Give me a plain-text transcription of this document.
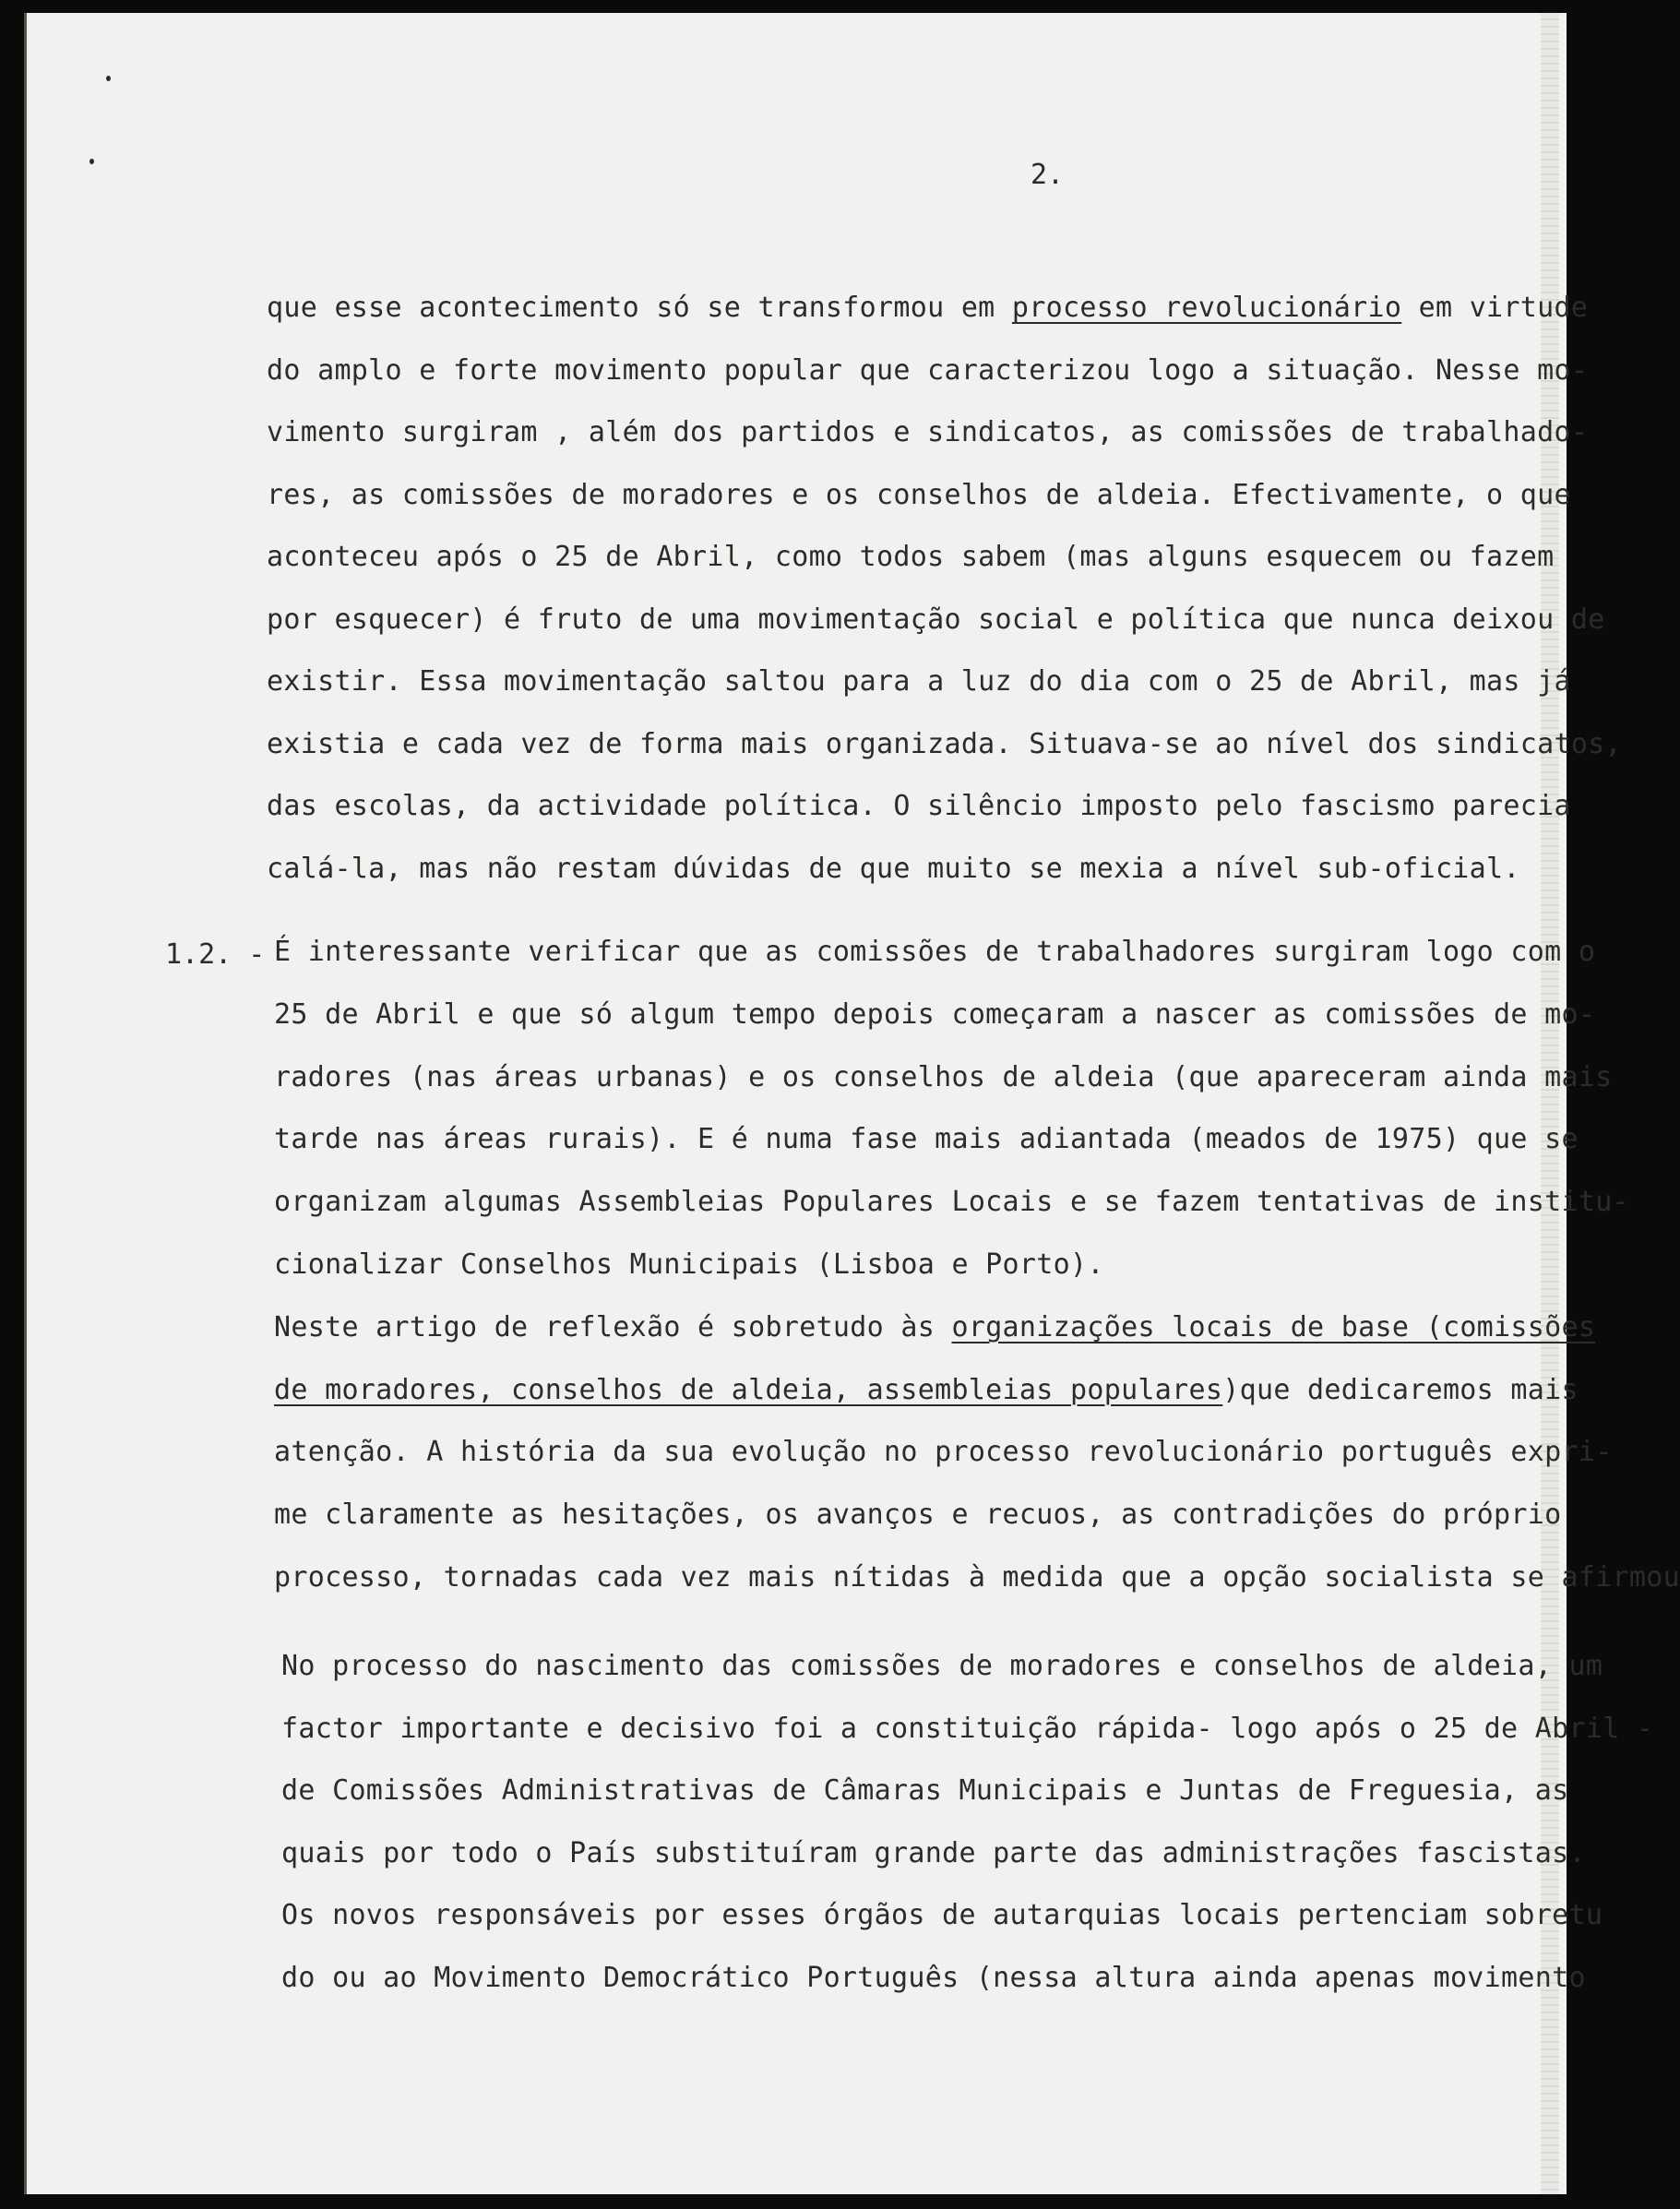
2.
que esse acontecimento só se transformou em processo revolucionário em virtude
do amplo e forte movimento popular que caracterizou logo a situação. Nesse mo-
vimento surgiram , além dos partidos e sindicatos, as comissões de trabalhado-
res, as comissões de moradores e os conselhos de aldeia. Efectivamente, o que
aconteceu após o 25 de Abril, como todos sabem (mas alguns esquecem ou fazem
por esquecer) é fruto de uma movimentação social e política que nunca deixou de
existir. Essa movimentação saltou para a luz do dia com o 25 de Abril, mas já
existia e cada vez de forma mais organizada. Situava-se ao nível dos sindicatos,
das escolas, da actividade política. O silêncio imposto pelo fascismo parecia
calá-la, mas não restam dúvidas de que muito se mexia a nível sub-oficial.
1.2. - É interessante verificar que as comissões de trabalhadores surgiram logo com o
25 de Abril e que só algum tempo depois começaram a nascer as comissões de mo-
radores (nas áreas urbanas) e os conselhos de aldeia (que apareceram ainda mais
tarde nas áreas rurais). E é numa fase mais adiantada (meados de 1975) que se
organizam algumas Assembleias Populares Locais e se fazem tentativas de institu-
cionalizar Conselhos Municipais (Lisboa e Porto).
Neste artigo de reflexão é sobretudo às organizações locais de base (comissões
de moradores, conselhos de aldeia, assembleias populares)que dedicaremos mais
atenção. A história da sua evolução no processo revolucionário português expri-
me claramente as hesitações, os avanços e recuos, as contradições do próprio
processo, tornadas cada vez mais nítidas à medida que a opção socialista se afirmou
No processo do nascimento das comissões de moradores e conselhos de aldeia, um
factor importante e decisivo foi a constituição rápida- logo após o 25 de Abril -
de Comissões Administrativas de Câmaras Municipais e Juntas de Freguesia, as
quais por todo o País substituíram grande parte das administrações fascistas.
Os novos responsáveis por esses órgãos de autarquias locais pertenciam sobretu
do ou ao Movimento Democrático Português (nessa altura ainda apenas movimento
